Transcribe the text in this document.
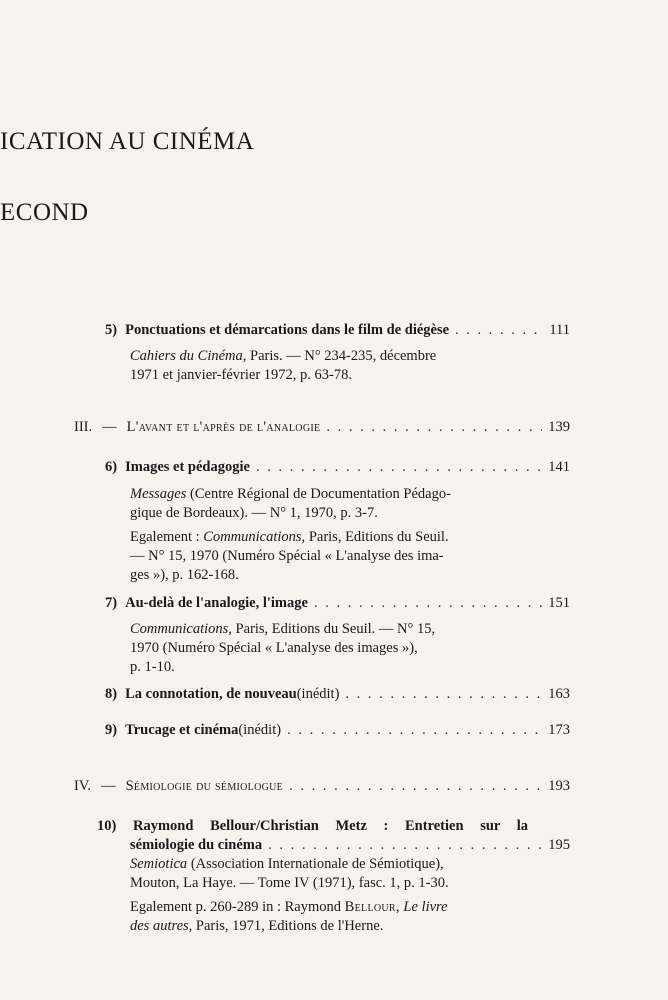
ICATION AU CINÉMA
ECOND
5) Ponctuations et démarcations dans le film de diégèse . . .	111
Cahiers du Cinéma, Paris. — N° 234-235, décembre
1971 et janvier-février 1972, p. 63-78.
III. — L'avant et l'après de l'analogie . . .	139
6) Images et pédagogie . . .	141
Messages (Centre Régional de Documentation Pédago-
gique de Bordeaux). — N° 1, 1970, p. 3-7.
Egalement : Communications, Paris, Editions du Seuil.
— N° 15, 1970 (Numéro Spécial « L'analyse des ima-
ges »), p. 162-168.
7) Au-delà de l'analogie, l'image . . .	151
Communications, Paris, Editions du Seuil. — N° 15,
1970 (Numéro Spécial « L'analyse des images »),
p. 1-10.
8) La connotation, de nouveau (inédit) . . .	163
9) Trucage et cinéma (inédit) . . .	173
IV. — Sémiologie du sémiologue . . .	193
10) Raymond Bellour/Christian Metz : Entretien sur la
sémiologie du cinéma . . .	195
Semiotica (Association Internationale de Sémiotique),
Mouton, La Haye. — Tome IV (1971), fasc. 1, p. 1-30.
Egalement p. 260-289 in : Raymond Bellour, Le livre
des autres, Paris, 1971, Editions de l'Herne.
